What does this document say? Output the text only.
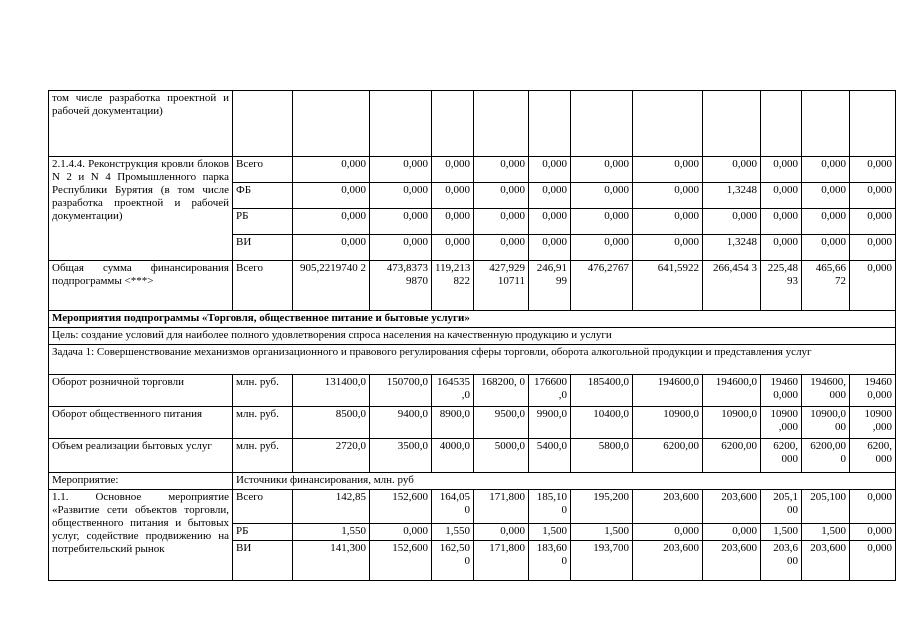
том числе разработка проектной и рабочей документации)												
2.1.4.4. Реконструкция кровли блоков N 2 и N 4 Промышленного парка Республики Бурятия (в том числе разработка проектной и рабочей документации)	Всего	0,000	0,000	0,000	0,000	0,000	0,000	0,000	0,000	0,000	0,000	0,000
	ФБ	0,000	0,000	0,000	0,000	0,000	0,000	0,000	1,3248	0,000	0,000	0,000
	РБ	0,000	0,000	0,000	0,000	0,000	0,000	0,000	0,000	0,000	0,000	0,000
	ВИ	0,000	0,000	0,000	0,000	0,000	0,000	0,000	1,3248	0,000	0,000	0,000
Общая сумма финансирования подпрограммы <***>	Всего	905,2219740 2	473,8373 9870	119,213 822	427,929 10711	246,91 99	476,2767	641,5922	266,454 3	225,48 93	465,66 72	0,000
Мероприятия подпрограммы «Торговля, общественное питание и бытовые услуги»												
Цель: создание условий для наиболее полного удовлетворения спроса населения на качественную продукцию и услуги												
Задача 1: Совершенствование механизмов организационного и правового регулирования сферы торговли, оборота алкогольной продукции и представления услуг												
Оборот розничной торговли	млн. руб.	131400,0	150700,0	164535 ,0	168200, 0	176600 ,0	185400,0	194600,0	194600,0	19460 0,000	194600, 000	19460 0,000
Оборот общественного питания	млн. руб.	8500,0	9400,0	8900,0	9500,0	9900,0	10400,0	10900,0	10900,0	10900 ,000	10900,0 00	10900 ,000
Объем реализации бытовых услуг	млн. руб.	2720,0	3500,0	4000,0	5000,0	5400,0	5800,0	6200,00	6200,00	6200, 000	6200,00 0	6200, 000
Мероприятие:	Источники финансирования, млн. руб											
1.1. Основное мероприятие «Развитие сети объектов торговли, общественного питания и бытовых услуг, содействие продвижению на потребительский рынок	Всего	142,85	152,600	164,05 0	171,800	185,10 0	195,200	203,600	203,600	205,1 00	205,100	0,000
	РБ	1,550	0,000	1,550	0,000	1,500	1,500	0,000	0,000	1,500	1,500	0,000
	ВИ	141,300	152,600	162,50 0	171,800	183,60 0	193,700	203,600	203,600	203,6 00	203,600	0,000
